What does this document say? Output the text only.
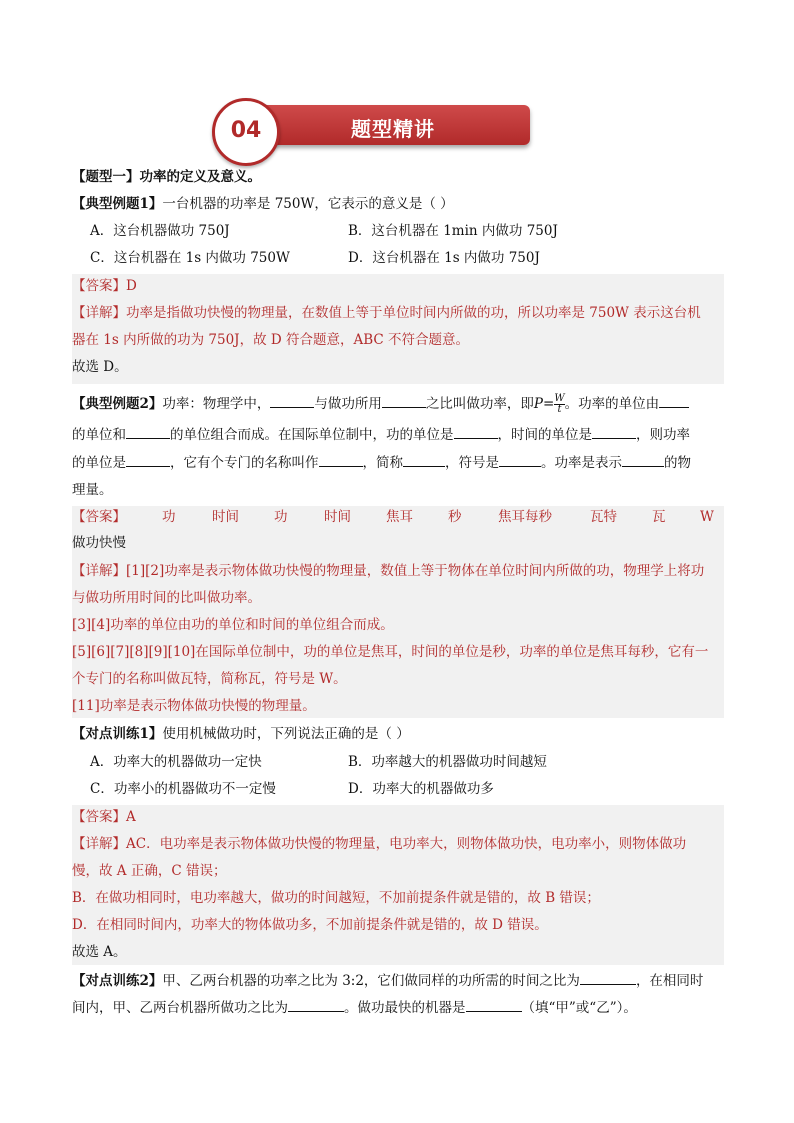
题型精讲
04
【题型一】功率的定义及意义。
【典型例题1】一台机器的功率是 750W，它表示的意义是（ ）
A．这台机器做功 750J	B．这台机器在 1min 内做功 750J
C．这台机器在 1s 内做功 750W	D．这台机器在 1s 内做功 750J
【答案】D
【详解】功率是指做功快慢的物理量，在数值上等于单位时间内所做的功，所以功率是 750W 表示这台机
器在 1s 内所做的功为 750J，故 D 符合题意，ABC 不符合题意。
故选 D。
【典型例题2】功率：物理学中，	与做功所用	之比叫做功率，即$P= \frac{W}{t}$ 。功率的单位由
的单位和	的单位组合而成。在国际单位制中，功的单位是	，时间的单位是	，则功率
的单位是	，它有个专门的名称叫作	，简称	，符号是	。功率是表示	的物
理量。
【答案】	功	时间	功	时间	焦耳	秒	焦耳每秒	瓦特	瓦	W
做功快慢
【详解】[1][2]功率是表示物体做功快慢的物理量，数值上等于物体在单位时间内所做的功，物理学上将功
与做功所用时间的比叫做功率。
[3][4]功率的单位由功的单位和时间的单位组合而成。
[5][6][7][8][9][10]在国际单位制中，功的单位是焦耳，时间的单位是秒，功率的单位是焦耳每秒，它有一
个专门的名称叫做瓦特，简称瓦，符号是 W。
[11]功率是表示物体做功快慢的物理量。
【对点训练1】使用机械做功时，下列说法正确的是（ ）
A．功率大的机器做功一定快	B．功率越大的机器做功时间越短
C．功率小的机器做功不一定慢	D．功率大的机器做功多
【答案】A
【详解】AC．电功率是表示物体做功快慢的物理量，电功率大，则物体做功快，电功率小，则物体做功
慢，故 A 正确，C 错误；
B．在做功相同时，电功率越大，做功的时间越短，不加前提条件就是错的，故 B 错误；
D．在相同时间内，功率大的物体做功多，不加前提条件就是错的，故 D 错误。
故选 A。
【对点训练2】甲、乙两台机器的功率之比为 3:2，它们做同样的功所需的时间之比为	，在相同时
间内，甲、乙两台机器所做功之比为	。做功最快的机器是	（填“甲”或“乙”）。
